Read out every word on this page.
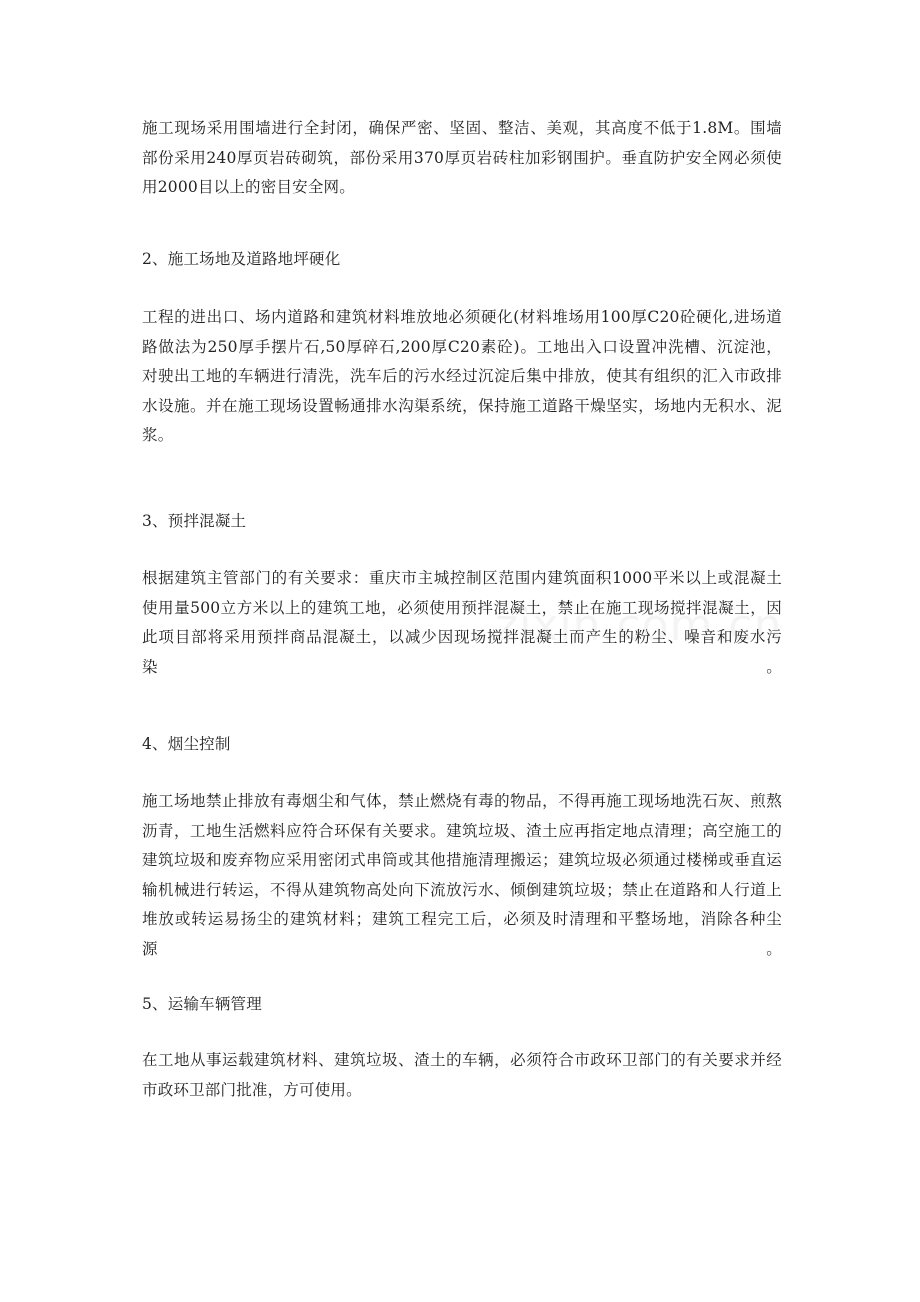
施工现场采用围墙进行全封闭，确保严密、坚固、整洁、美观，其高度不低于1.8M。围墙
部份采用240厚页岩砖砌筑，部份采用370厚页岩砖柱加彩钢围护。垂直防护安全网必须使
用2000目以上的密目安全网。
2、施工场地及道路地坪硬化
工程的进出口、场内道路和建筑材料堆放地必须硬化(材料堆场用100厚C20砼硬化,进场道
路做法为250厚手摆片石,50厚碎石,200厚C20素砼)。工地出入口设置冲洗槽、沉淀池，
对驶出工地的车辆进行清洗，洗车后的污水经过沉淀后集中排放，使其有组织的汇入市政排
水设施。并在施工现场设置畅通排水沟渠系统，保持施工道路干燥坚实，场地内无积水、泥
浆。
3、预拌混凝土
根据建筑主管部门的有关要求：重庆市主城控制区范围内建筑面积1000平米以上或混凝土
使用量500立方米以上的建筑工地，必须使用预拌混凝土，禁止在施工现场搅拌混凝土，因
此项目部将采用预拌商品混凝土，以减少因现场搅拌混凝土而产生的粉尘、噪音和废水污染。
4、烟尘控制
施工场地禁止排放有毒烟尘和气体，禁止燃烧有毒的物品，不得再施工现场地洗石灰、煎熬
沥青，工地生活燃料应符合环保有关要求。建筑垃圾、渣土应再指定地点清理；高空施工的
建筑垃圾和废弃物应采用密闭式串筒或其他措施清理搬运；建筑垃圾必须通过楼梯或垂直运
输机械进行转运，不得从建筑物高处向下流放污水、倾倒建筑垃圾；禁止在道路和人行道上
堆放或转运易扬尘的建筑材料；建筑工程完工后，必须及时清理和平整场地，消除各种尘源。
5、运输车辆管理
在工地从事运载建筑材料、建筑垃圾、渣土的车辆，必须符合市政环卫部门的有关要求并经
市政环卫部门批准，方可使用。
